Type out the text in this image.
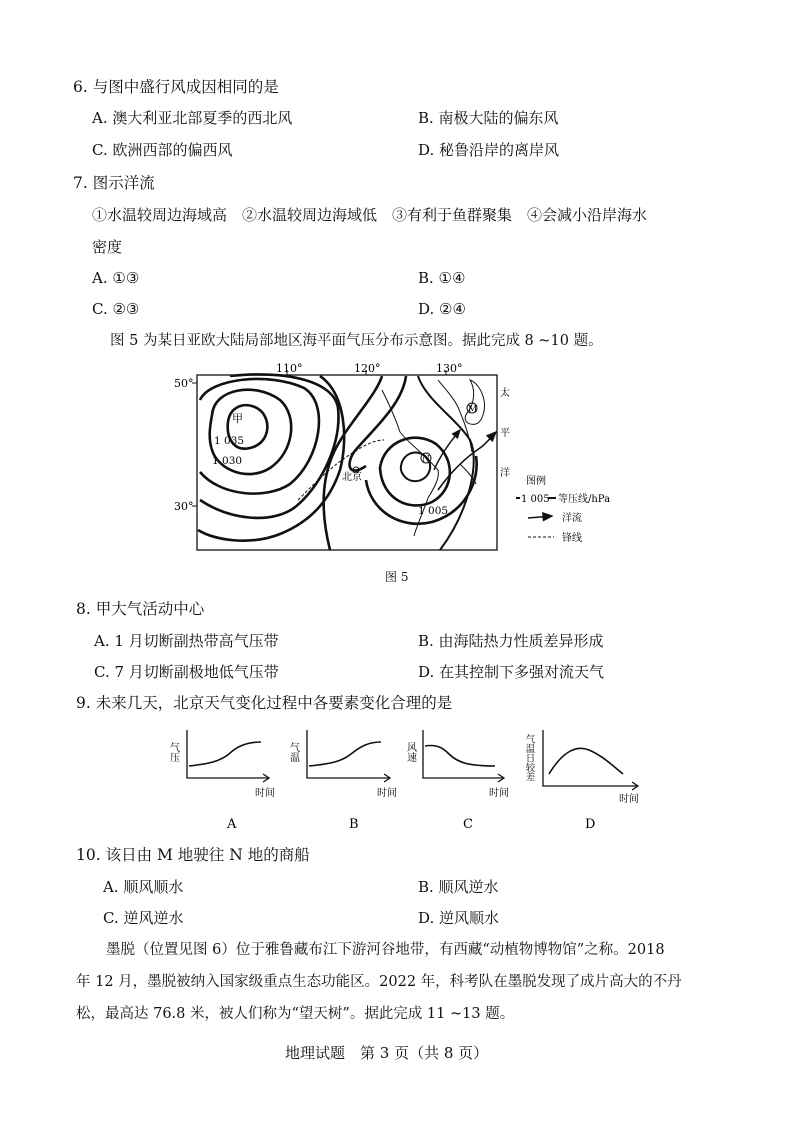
6. 与图中盛行风成因相同的是
A. 澳大利亚北部夏季的西北风	B. 南极大陆的偏东风
C. 欧洲西部的偏西风	D. 秘鲁沿岸的离岸风
7. 图示洋流
①水温较周边海域高　②水温较周边海域低　③有利于鱼群聚集　④会减小沿岸海水
密度
A. ①③	B. ①④
C. ②③	D. ②④
图 5 为某日亚欧大陆局部地区海平面气压分布示意图。据此完成 8 ~10 题。
110°	120°	130°
50°
30°
甲
1 035
1 030
北京
M
N
1 005
太
平
洋
图例
1 005 等压线/hPa
洋流
锋线
图 5
8. 甲大气活动中心
A. 1 月切断副热带高气压带	B. 由海陆热力性质差异形成
C. 7 月切断副极地低气压带	D. 在其控制下多强对流天气
9. 未来几天，北京天气变化过程中各要素变化合理的是
气压
时间
A
气温
时间
B
风速
时间
C
气温日较差
时间
D
10. 该日由 M 地驶往 N 地的商船
A. 顺风顺水	B. 顺风逆水
C. 逆风逆水	D. 逆风顺水
墨脱（位置见图 6）位于雅鲁藏布江下游河谷地带，有西藏“动植物博物馆”之称。2018
年 12 月，墨脱被纳入国家级重点生态功能区。2022 年，科考队在墨脱发现了成片高大的不丹
松，最高达 76.8 米，被人们称为“望天树”。据此完成 11 ~13 题。
地理试题　第 3 页（共 8 页）
